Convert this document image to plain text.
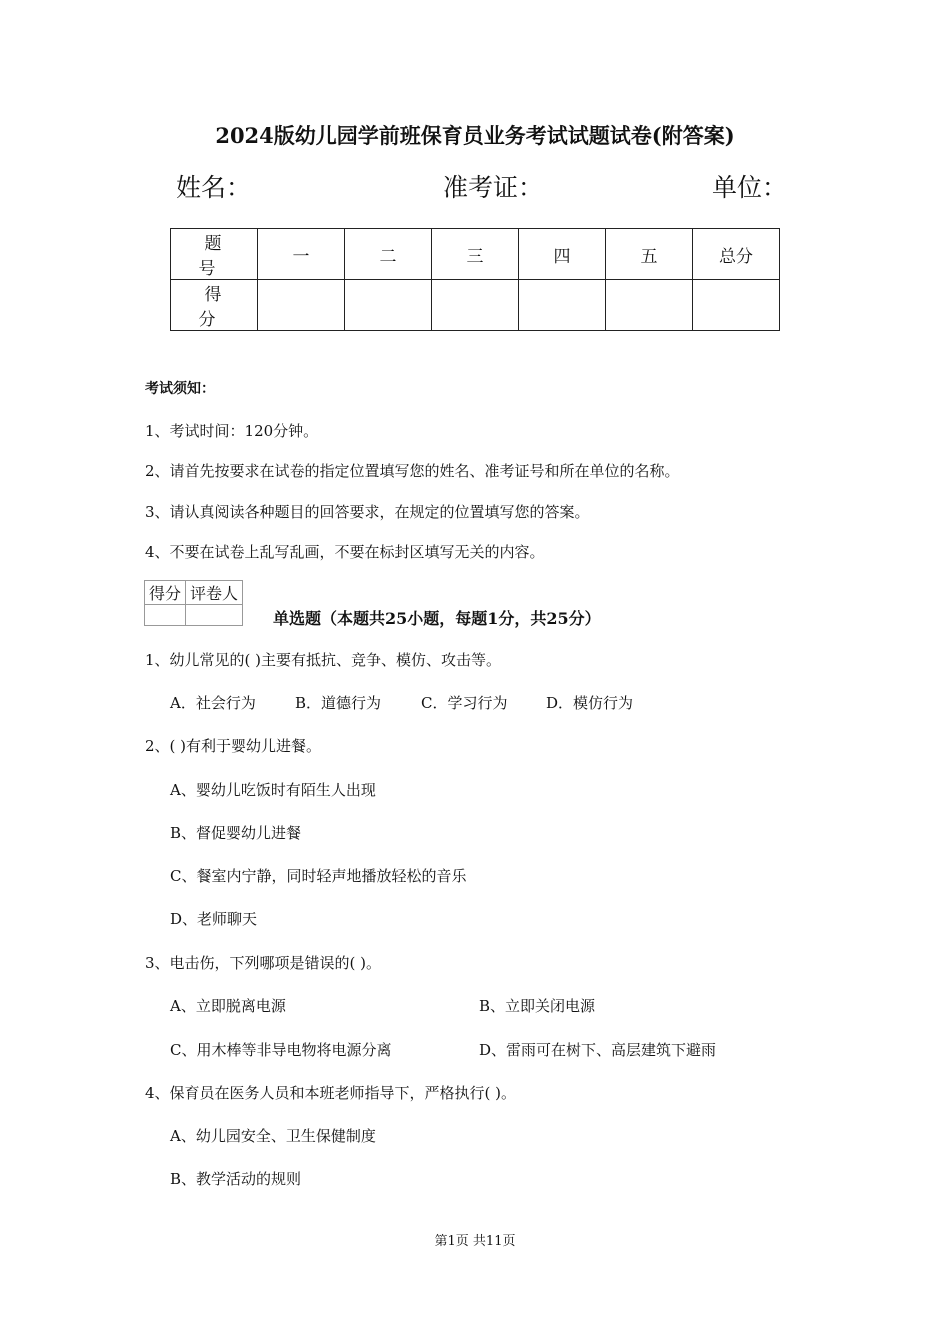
2024版幼儿园学前班保育员业务考试试题试卷(附答案)
姓名：	准考证：	单位：
题 号	一	二	三	四	五	总分
得 分						
考试须知：
1、考试时间：120分钟。
2、请首先按要求在试卷的指定位置填写您的姓名、准考证号和所在单位的名称。
3、请认真阅读各种题目的回答要求，在规定的位置填写您的答案。
4、不要在试卷上乱写乱画，不要在标封区填写无关的内容。
得分	评卷人

单选题（本题共25小题，每题1分，共25分）
1、幼儿常见的( )主要有抵抗、竞争、模仿、攻击等。
A．社会行为	B．道德行为	C．学习行为	D．模仿行为
2、( )有利于婴幼儿进餐。
A、婴幼儿吃饭时有陌生人出现
B、督促婴幼儿进餐
C、餐室内宁静，同时轻声地播放轻松的音乐
D、老师聊天
3、电击伤，下列哪项是错误的( )。
A、立即脱离电源	B、立即关闭电源
C、用木棒等非导电物将电源分离	D、雷雨可在树下、高层建筑下避雨
4、保育员在医务人员和本班老师指导下，严格执行( )。
A、幼儿园安全、卫生保健制度
B、教学活动的规则
第1页 共11页
